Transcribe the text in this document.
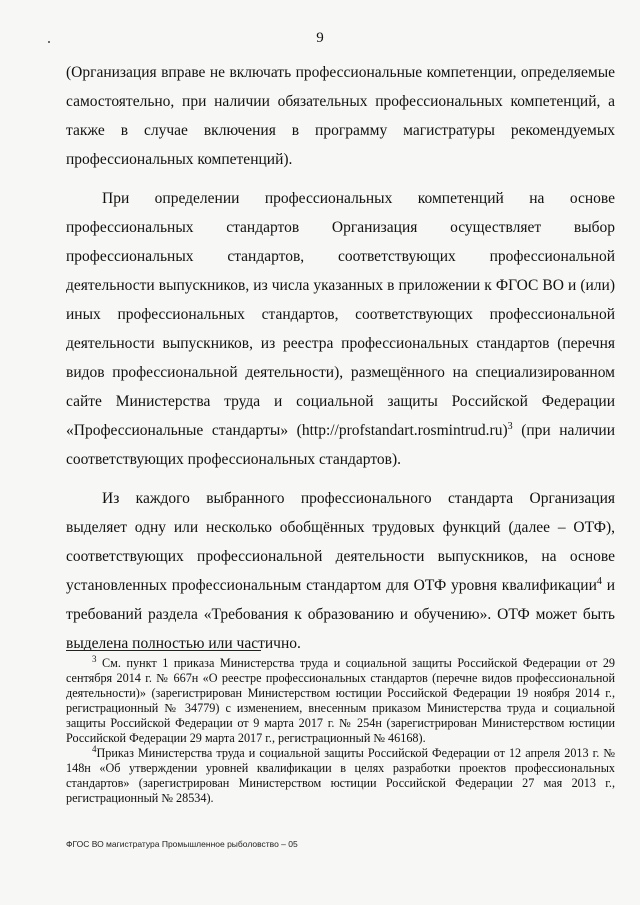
9

(Организация вправе не включать профессиональные компетенции, определяемые самостоятельно, при наличии обязательных профессиональных компетенций, а также в случае включения в программу магистратуры рекомендуемых профессиональных компетенций).

При определении профессиональных компетенций на основе профессиональных стандартов Организация осуществляет выбор профессиональных стандартов, соответствующих профессиональной деятельности выпускников, из числа указанных в приложении к ФГОС ВО и (или) иных профессиональных стандартов, соответствующих профессиональной деятельности выпускников, из реестра профессиональных стандартов (перечня видов профессиональной деятельности), размещённого на специализированном сайте Министерства труда и социальной защиты Российской Федерации «Профессиональные стандарты» (http://profstandart.rosmintrud.ru)$^3$ (при наличии соответствующих профессиональных стандартов).

Из каждого выбранного профессионального стандарта Организация выделяет одну или несколько обобщённых трудовых функций (далее – ОТФ), соответствующих профессиональной деятельности выпускников, на основе установленных профессиональным стандартом для ОТФ уровня квалификации$^4$ и требований раздела «Требования к образованию и обучению». ОТФ может быть выделена полностью или частично.

$^3$ См. пункт 1 приказа Министерства труда и социальной защиты Российской Федерации от 29 сентября 2014 г. № 667н «О реестре профессиональных стандартов (перечне видов профессиональной деятельности)» (зарегистрирован Министерством юстиции Российской Федерации 19 ноября 2014 г., регистрационный № 34779) с изменением, внесенным приказом Министерства труда и социальной защиты Российской Федерации от 9 марта 2017 г. № 254н (зарегистрирован Министерством юстиции Российской Федерации 29 марта 2017 г., регистрационный № 46168).

$^4$Приказ Министерства труда и социальной защиты Российской Федерации от 12 апреля 2013 г. № 148н «Об утверждении уровней квалификации в целях разработки проектов профессиональных стандартов» (зарегистрирован Министерством юстиции Российской Федерации 27 мая 2013 г., регистрационный № 28534).

ФГОС ВО магистратура Промышленное рыболовство – 05
